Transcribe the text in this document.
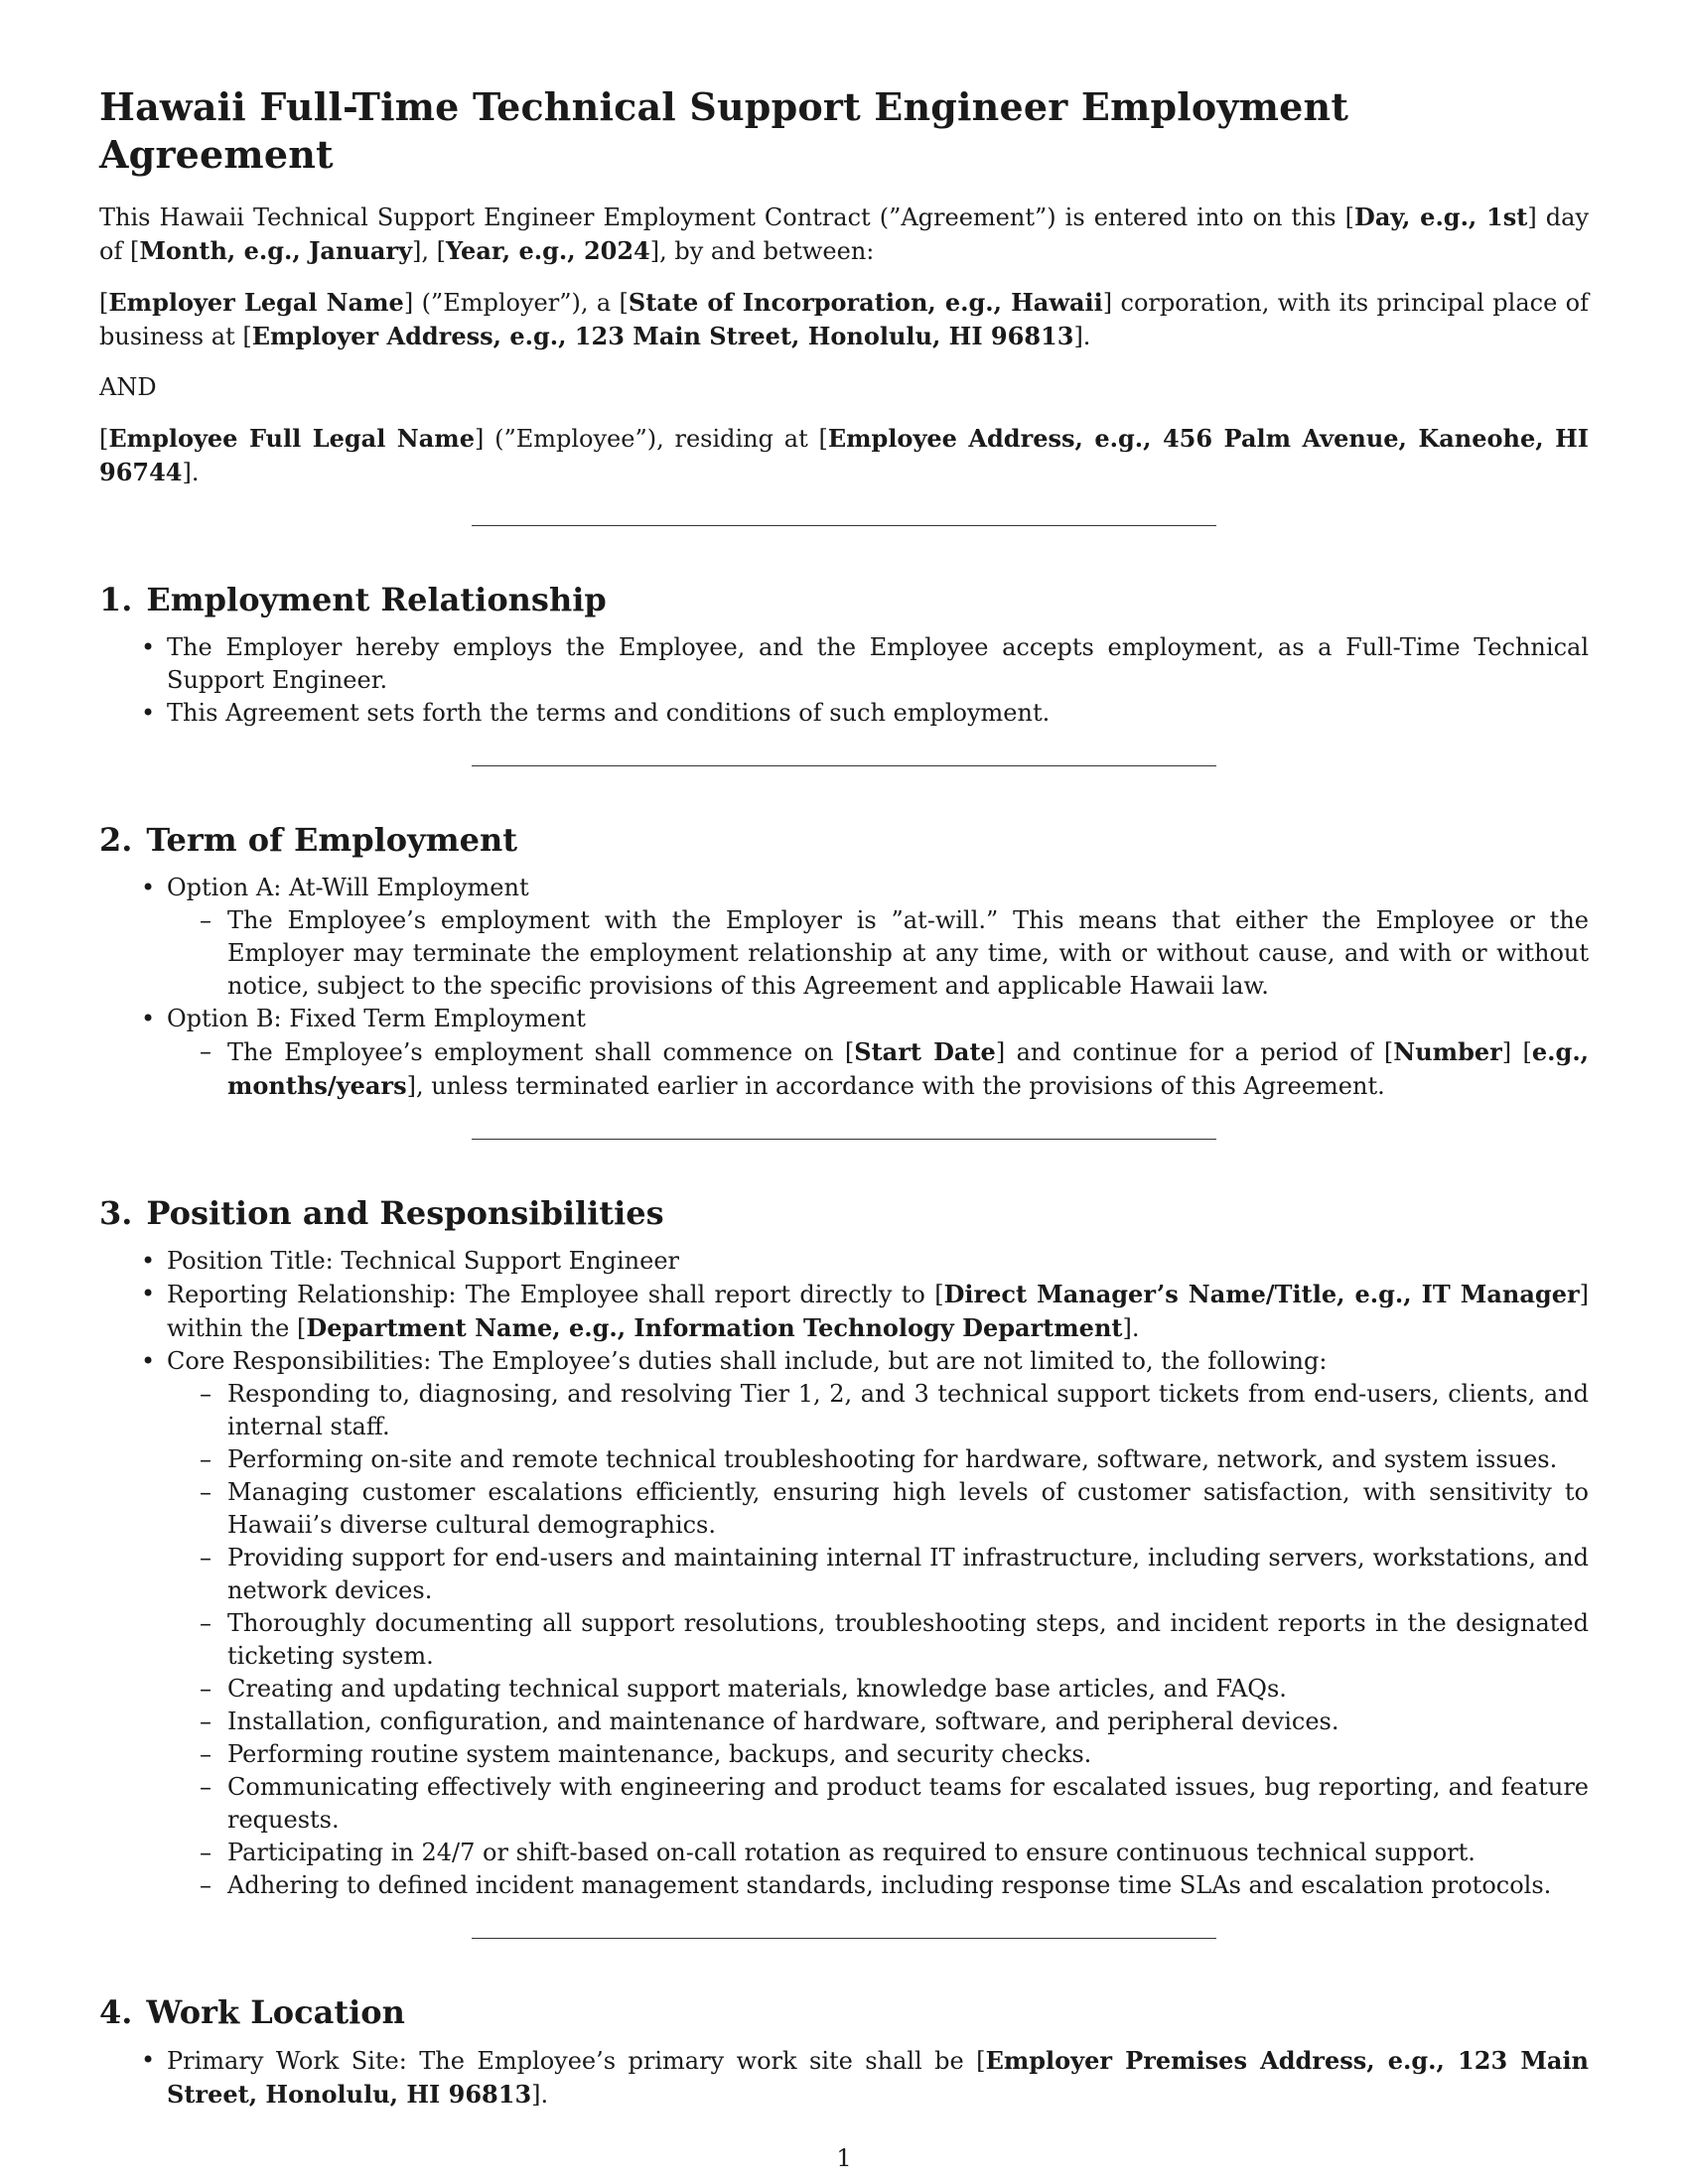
Hawaii Full-Time Technical Support Engineer Employment Agreement

This Hawaii Technical Support Engineer Employment Contract (”Agreement”) is entered into on this [Day, e.g., 1st] day of [Month, e.g., January], [Year, e.g., 2024], by and between:

[Employer Legal Name] (”Employer”), a [State of Incorporation, e.g., Hawaii] corporation, with its principal place of business at [Employer Address, e.g., 123 Main Street, Honolulu, HI 96813].

AND

[Employee Full Legal Name] (”Employee”), residing at [Employee Address, e.g., 456 Palm Avenue, Kaneohe, HI 96744].

1. Employment Relationship
• The Employer hereby employs the Employee, and the Employee accepts employment, as a Full-Time Technical Support Engineer.
• This Agreement sets forth the terms and conditions of such employment.
2. Term of Employment
• Option A: At-Will Employment
– The Employee’s employment with the Employer is ”at-will.” This means that either the Employee or the Employer may terminate the employment relationship at any time, with or without cause, and with or without notice, subject to the specific provisions of this Agreement and applicable Hawaii law.
• Option B: Fixed Term Employment
– The Employee’s employment shall commence on [Start Date] and continue for a period of [Number] [e.g., months/years], unless terminated earlier in accordance with the provisions of this Agreement.
3. Position and Responsibilities
• Position Title: Technical Support Engineer
• Reporting Relationship: The Employee shall report directly to [Direct Manager’s Name/Title, e.g., IT Manager] within the [Department Name, e.g., Information Technology Department].
• Core Responsibilities: The Employee’s duties shall include, but are not limited to, the following:
– Responding to, diagnosing, and resolving Tier 1, 2, and 3 technical support tickets from end-users, clients, and internal staff.
– Performing on-site and remote technical troubleshooting for hardware, software, network, and system issues.
– Managing customer escalations efficiently, ensuring high levels of customer satisfaction, with sensitivity to Hawaii’s diverse cultural demographics.
– Providing support for end-users and maintaining internal IT infrastructure, including servers, workstations, and network devices.
– Thoroughly documenting all support resolutions, troubleshooting steps, and incident reports in the designated ticketing system.
– Creating and updating technical support materials, knowledge base articles, and FAQs.
– Installation, configuration, and maintenance of hardware, software, and peripheral devices.
– Performing routine system maintenance, backups, and security checks.
– Communicating effectively with engineering and product teams for escalated issues, bug reporting, and feature requests.
– Participating in 24/7 or shift-based on-call rotation as required to ensure continuous technical support.
– Adhering to defined incident management standards, including response time SLAs and escalation protocols.
4. Work Location
• Primary Work Site: The Employee’s primary work site shall be [Employer Premises Address, e.g., 123 Main Street, Honolulu, HI 96813].
1
